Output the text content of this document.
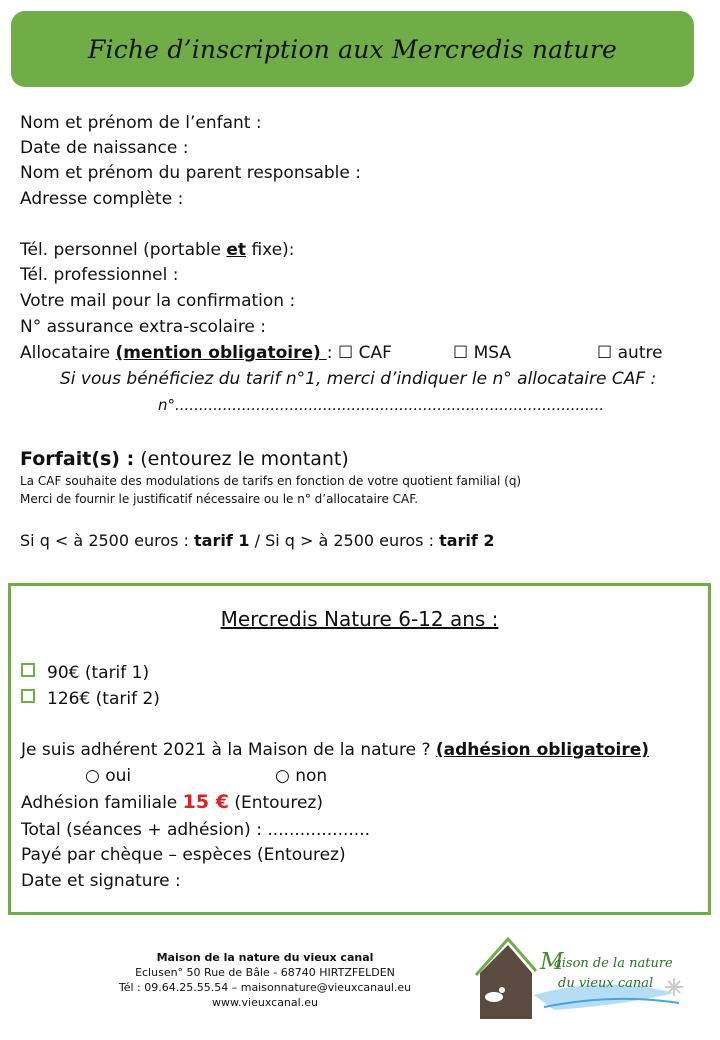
Fiche d’inscription aux Mercredis nature
Nom et prénom de l’enfant :
Date de naissance :
Nom et prénom du parent responsable :
Adresse complète :
Tél. personnel (portable et fixe):
Tél. professionnel :
Votre mail pour la confirmation :
N° assurance extra-scolaire :
Allocataire (mention obligatoire) : ☐ CAF	☐ MSA	☐ autre
Si vous bénéficiez du tarif n°1, merci d’indiquer le n° allocataire CAF :
n°..........................................................................................
Forfait(s) : (entourez le montant)
La CAF souhaite des modulations de tarifs en fonction de votre quotient familial (q)
Merci de fournir le justificatif nécessaire ou le n° d’allocataire CAF.
Si q < à 2500 euros : tarif 1 / Si q > à 2500 euros : tarif 2
Mercredis Nature 6-12 ans :
90€ (tarif 1)
126€ (tarif 2)
Je suis adhérent 2021 à la Maison de la nature ? (adhésion obligatoire)
○ oui	○ non
Adhésion familiale 15 € (Entourez)
Total (séances + adhésion) : ...................
Payé par chèque – espèces (Entourez)
Date et signature :
Maison de la nature du vieux canal
Eclusen° 50 Rue de Bâle - 68740 HIRTZFELDEN
Tél : 09.64.25.55.54 – maisonnature@vieuxcanaul.eu
www.vieuxcanal.eu
M
aison de la nature
du vieux canal
